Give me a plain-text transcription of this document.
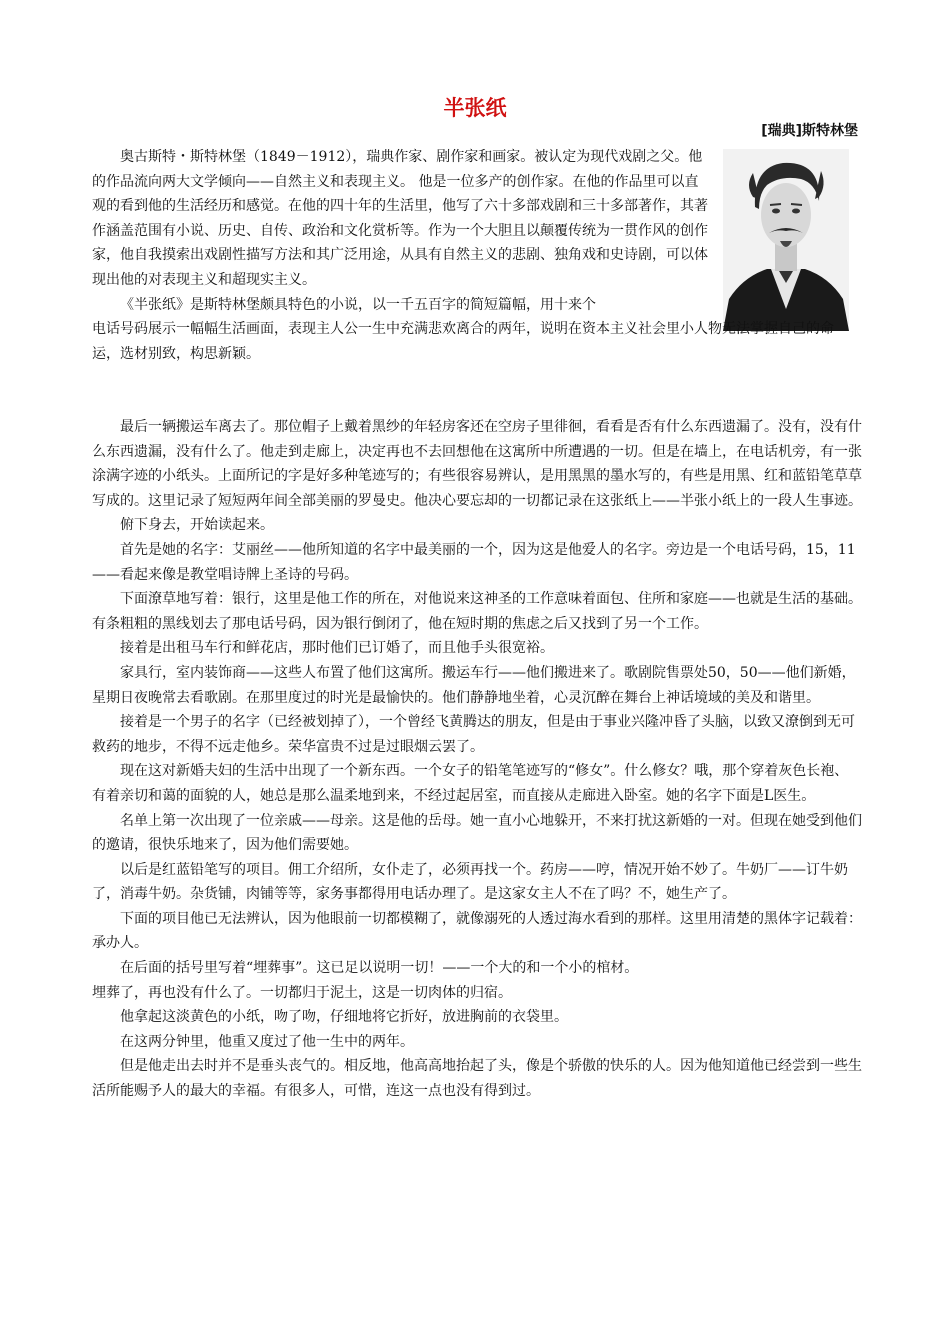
半张纸
[瑞典]斯特林堡

奥古斯特・斯特林堡（1849－1912），瑞典作家、剧作家和画家。被认定为现代戏剧之父。他的作品流向两大文学倾向——自然主义和表现主义。 他是一位多产的创作家。在他的作品里可以直观的看到他的生活经历和感觉。在他的四十年的生活里，他写了六十多部戏剧和三十多部著作，其著作涵盖范围有小说、历史、自传、政治和文化赏析等。作为一个大胆且以颠覆传统为一贯作风的创作家，他自我摸索出戏剧性描写方法和其广泛用途，从具有自然主义的悲剧、独角戏和史诗剧，可以体现出他的对表现主义和超现实主义。

《半张纸》是斯特林堡颇具特色的小说，以一千五百字的简短篇幅，用十来个

电话号码展示一幅幅生活画面，表现主人公一生中充满悲欢离合的两年，说明在资本主义社会里小人物无法掌握自己的命运，选材别致，构思新颖。

最后一辆搬运车离去了。那位帽子上戴着黑纱的年轻房客还在空房子里徘徊，看看是否有什么东西遗漏了。没有，没有什么东西遗漏，没有什么了。他走到走廊上，决定再也不去回想他在这寓所中所遭遇的一切。但是在墙上，在电话机旁，有一张涂满字迹的小纸头。上面所记的字是好多种笔迹写的；有些很容易辨认，是用黑黑的墨水写的，有些是用黑、红和蓝铅笔草草写成的。这里记录了短短两年间全部美丽的罗曼史。他决心要忘却的一切都记录在这张纸上——半张小纸上的一段人生事迹。

俯下身去，开始读起来。

首先是她的名字：艾丽丝——他所知道的名字中最美丽的一个，因为这是他爱人的名字。旁边是一个电话号码，15，11——看起来像是教堂唱诗牌上圣诗的号码。

下面潦草地写着：银行，这里是他工作的所在，对他说来这神圣的工作意味着面包、住所和家庭——也就是生活的基础。有条粗粗的黑线划去了那电话号码，因为银行倒闭了，他在短时期的焦虑之后又找到了另一个工作。

接着是出租马车行和鲜花店，那时他们已订婚了，而且他手头很宽裕。

家具行，室内装饰商——这些人布置了他们这寓所。搬运车行——他们搬进来了。歌剧院售票处50，50——他们新婚，星期日夜晚常去看歌剧。在那里度过的时光是最愉快的。他们静静地坐着，心灵沉醉在舞台上神话境域的美及和谐里。

接着是一个男子的名字（已经被划掉了），一个曾经飞黄腾达的朋友，但是由于事业兴隆冲昏了头脑，以致又潦倒到无可救药的地步，不得不远走他乡。荣华富贵不过是过眼烟云罢了。

现在这对新婚夫妇的生活中出现了一个新东西。一个女子的铅笔笔迹写的“修女”。什么修女？哦，那个穿着灰色长袍、有着亲切和蔼的面貌的人，她总是那么温柔地到来，不经过起居室，而直接从走廊进入卧室。她的名字下面是L医生。

名单上第一次出现了一位亲戚——母亲。这是他的岳母。她一直小心地躲开，不来打扰这新婚的一对。但现在她受到他们的邀请，很快乐地来了，因为他们需要她。

以后是红蓝铅笔写的项目。佣工介绍所，女仆走了，必须再找一个。药房——哼，情况开始不妙了。牛奶厂——订牛奶了，消毒牛奶。杂货铺，肉铺等等，家务事都得用电话办理了。是这家女主人不在了吗？不，她生产了。

下面的项目他已无法辨认，因为他眼前一切都模糊了，就像溺死的人透过海水看到的那样。这里用清楚的黑体字记载着：承办人。

在后面的括号里写着“埋葬事”。这已足以说明一切！——一个大的和一个小的棺材。

埋葬了，再也没有什么了。一切都归于泥土，这是一切肉体的归宿。

他拿起这淡黄色的小纸，吻了吻，仔细地将它折好，放进胸前的衣袋里。

在这两分钟里，他重又度过了他一生中的两年。

但是他走出去时并不是垂头丧气的。相反地，他高高地抬起了头，像是个骄傲的快乐的人。因为他知道他已经尝到一些生活所能赐予人的最大的幸福。有很多人，可惜，连这一点也没有得到过。
